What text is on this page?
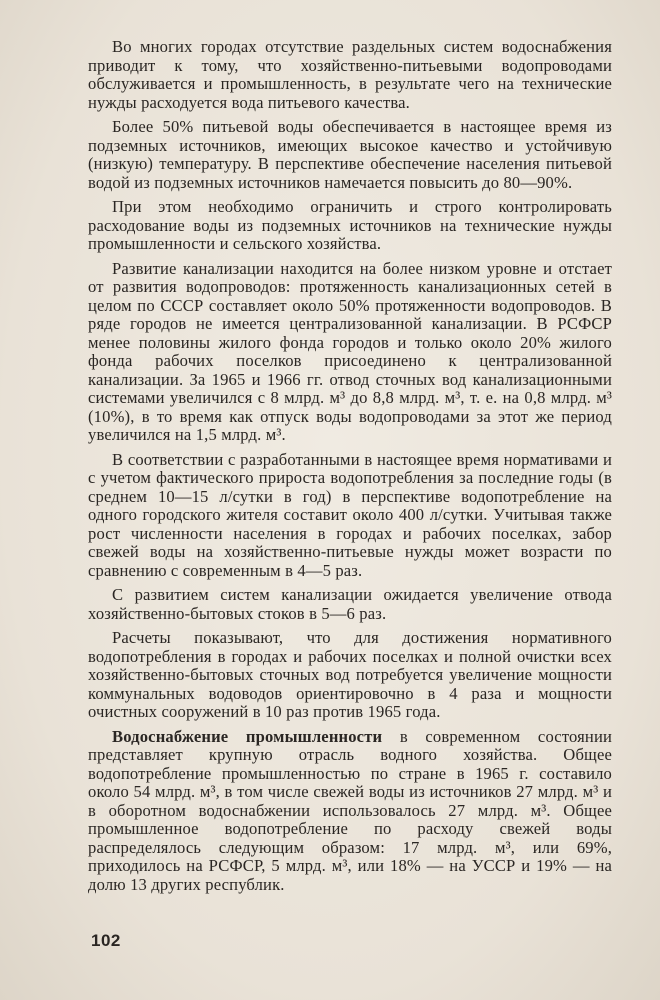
Во многих городах отсутствие раздельных систем водоснабжения приводит к тому, что хозяйственно-питьевыми водопроводами обслуживается и промышленность, в результате чего на технические нужды расходуется вода питьевого качества.

Более 50% питьевой воды обеспечивается в настоящее время из подземных источников, имеющих высокое качество и устойчивую (низкую) температуру. В перспективе обеспечение населения питьевой водой из подземных источников намечается повысить до 80—90%.

При этом необходимо ограничить и строго контролировать расходование воды из подземных источников на технические нужды промышленности и сельского хозяйства.

Развитие канализации находится на более низком уровне и отстает от развития водопроводов: протяженность канализационных сетей в целом по СССР составляет около 50% протяженности водопроводов. В ряде городов не имеется централизованной канализации. В РСФСР менее половины жилого фонда городов и только около 20% жилого фонда рабочих поселков присоединено к централизованной канализации. За 1965 и 1966 гг. отвод сточных вод канализационными системами увеличился с 8 млрд. м³ до 8,8 млрд. м³, т. е. на 0,8 млрд. м³ (10%), в то время как отпуск воды водопроводами за этот же период увеличился на 1,5 млрд. м³.

В соответствии с разработанными в настоящее время нормативами и с учетом фактического прироста водопотребления за последние годы (в среднем 10—15 л/сутки в год) в перспективе водопотребление на одного городского жителя составит около 400 л/сутки. Учитывая также рост численности населения в городах и рабочих поселках, забор свежей воды на хозяйственно-питьевые нужды может возрасти по сравнению с современным в 4—5 раз.

С развитием систем канализации ожидается увеличение отвода хозяйственно-бытовых стоков в 5—6 раз.

Расчеты показывают, что для достижения нормативного водопотребления в городах и рабочих поселках и полной очистки всех хозяйственно-бытовых сточных вод потребуется увеличение мощности коммунальных водоводов ориентировочно в 4 раза и мощности очистных сооружений в 10 раз против 1965 года.

Водоснабжение промышленности в современном состоянии представляет крупную отрасль водного хозяйства. Общее водопотребление промышленностью по стране в 1965 г. составило около 54 млрд. м³, в том числе свежей воды из источников 27 млрд. м³ и в оборотном водоснабжении использовалось 27 млрд. м³. Общее промышленное водопотребление по расходу свежей воды распределялось следующим образом: 17 млрд. м³, или 69%, приходилось на РСФСР, 5 млрд. м³, или 18% — на УССР и 19% — на долю 13 других республик.

102
